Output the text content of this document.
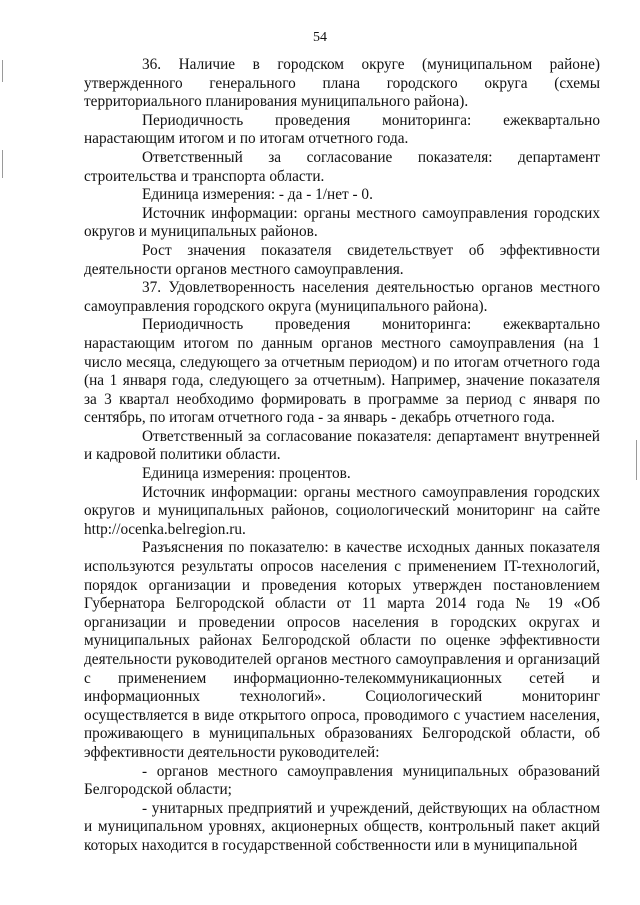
54

36. Наличие в городском округе (муниципальном районе) утвержденного генерального плана городского округа (схемы территориального планирования муниципального района).

Периодичность проведения мониторинга: ежеквартально нарастающим итогом и по итогам отчетного года.

Ответственный за согласование показателя: департамент строительства и транспорта области.

Единица измерения: - да - 1/нет - 0.

Источник информации: органы местного самоуправления городских округов и муниципальных районов.

Рост значения показателя свидетельствует об эффективности деятельности органов местного самоуправления.

37. Удовлетворенность населения деятельностью органов местного самоуправления городского округа (муниципального района).

Периодичность проведения мониторинга: ежеквартально нарастающим итогом по данным органов местного самоуправления (на 1 число месяца, следующего за отчетным периодом) и по итогам отчетного года (на 1 января года, следующего за отчетным). Например, значение показателя за 3 квартал необходимо формировать в программе за период с января по сентябрь, по итогам отчетного года - за январь - декабрь отчетного года.

Ответственный за согласование показателя: департамент внутренней и кадровой политики области.

Единица измерения: процентов.

Источник информации: органы местного самоуправления городских округов и муниципальных районов, социологический мониторинг на сайте http://ocenka.belregion.ru.

Разъяснения по показателю: в качестве исходных данных показателя используются результаты опросов населения с применением IT-технологий, порядок организации и проведения которых утвержден постановлением Губернатора Белгородской области от 11 марта 2014 года № 19 «Об организации и проведении опросов населения в городских округах и муниципальных районах Белгородской области по оценке эффективности деятельности руководителей органов местного самоуправления и организаций с применением информационно-телекоммуникационных сетей и информационных технологий». Социологический мониторинг осуществляется в виде открытого опроса, проводимого с участием населения, проживающего в муниципальных образованиях Белгородской области, об эффективности деятельности руководителей:

- органов местного самоуправления муниципальных образований Белгородской области;

- унитарных предприятий и учреждений, действующих на областном и муниципальном уровнях, акционерных обществ, контрольный пакет акций которых находится в государственной собственности или в муниципальной
